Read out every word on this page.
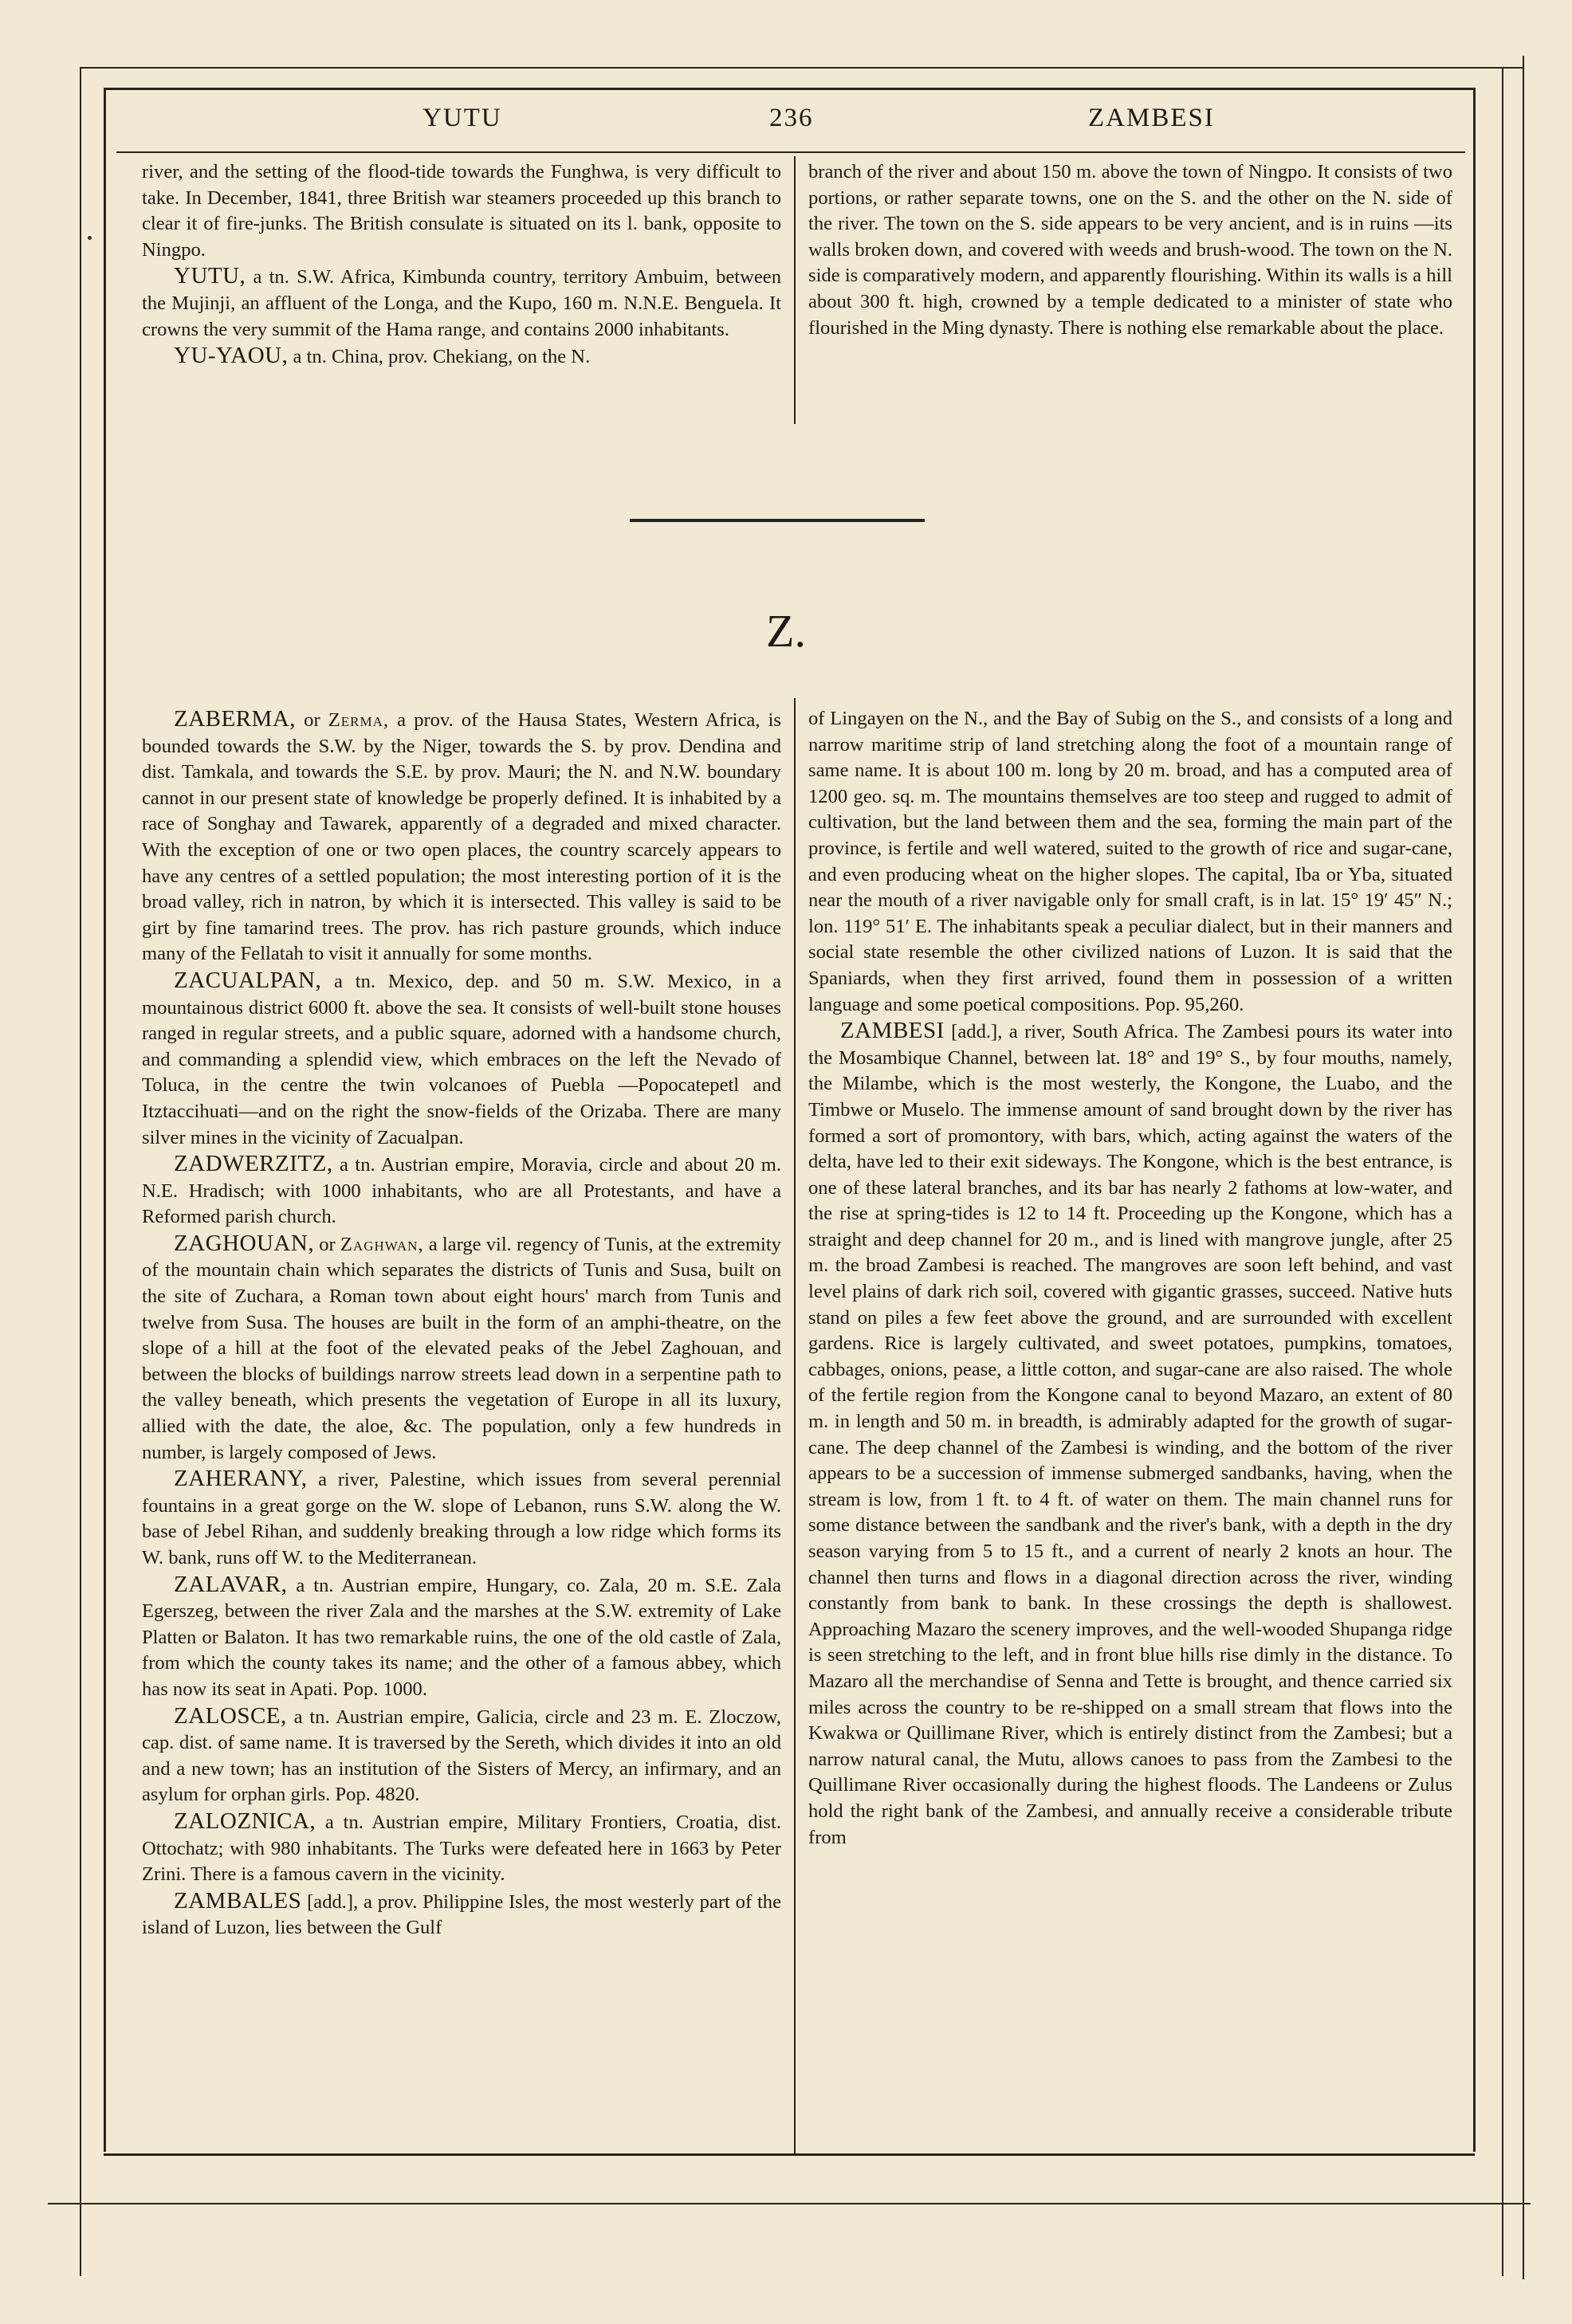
YUTU	236	ZAMBESI

river, and the setting of the flood-tide towards the Funghwa, is very difficult to take. In December, 1841, three British war steamers proceeded up this branch to clear it of fire-junks. The British consulate is situated on its l. bank, opposite to Ningpo.

YUTU, a tn. S.W. Africa, Kimbunda country, territory Ambuim, between the Mujinji, an affluent of the Longa, and the Kupo, 160 m. N.N.E. Benguela. It crowns the very summit of the Hama range, and contains 2000 inhabitants.

YU-YAOU, a tn. China, prov. Chekiang, on the N.

branch of the river and about 150 m. above the town of Ningpo. It consists of two portions, or rather separate towns, one on the S. and the other on the N. side of the river. The town on the S. side appears to be very ancient, and is in ruins —its walls broken down, and covered with weeds and brush-wood. The town on the N. side is comparatively modern, and apparently flourishing. Within its walls is a hill about 300 ft. high, crowned by a temple dedicated to a minister of state who flourished in the Ming dynasty. There is nothing else remarkable about the place.

Z.

ZABERMA, or Zerma, a prov. of the Hausa States, Western Africa, is bounded towards the S.W. by the Niger, towards the S. by prov. Dendina and dist. Tamkala, and towards the S.E. by prov. Mauri; the N. and N.W. boundary cannot in our present state of knowledge be properly defined. It is inhabited by a race of Songhay and Tawarek, apparently of a degraded and mixed character. With the exception of one or two open places, the country scarcely appears to have any centres of a settled population; the most interesting portion of it is the broad valley, rich in natron, by which it is intersected. This valley is said to be girt by fine tamarind trees. The prov. has rich pasture grounds, which induce many of the Fellatah to visit it annually for some months.

ZACUALPAN, a tn. Mexico, dep. and 50 m. S.W. Mexico, in a mountainous district 6000 ft. above the sea. It consists of well-built stone houses ranged in regular streets, and a public square, adorned with a handsome church, and commanding a splendid view, which embraces on the left the Nevado of Toluca, in the centre the twin volcanoes of Puebla —Popocatepetl and Itztaccihuati—and on the right the snow-fields of the Orizaba. There are many silver mines in the vicinity of Zacualpan.

ZADWERZITZ, a tn. Austrian empire, Moravia, circle and about 20 m. N.E. Hradisch; with 1000 inhabitants, who are all Protestants, and have a Reformed parish church.

ZAGHOUAN, or Zaghwan, a large vil. regency of Tunis, at the extremity of the mountain chain which separates the districts of Tunis and Susa, built on the site of Zuchara, a Roman town about eight hours' march from Tunis and twelve from Susa. The houses are built in the form of an amphi-theatre, on the slope of a hill at the foot of the elevated peaks of the Jebel Zaghouan, and between the blocks of buildings narrow streets lead down in a serpentine path to the valley beneath, which presents the vegetation of Europe in all its luxury, allied with the date, the aloe, &c. The population, only a few hundreds in number, is largely composed of Jews.

ZAHERANY, a river, Palestine, which issues from several perennial fountains in a great gorge on the W. slope of Lebanon, runs S.W. along the W. base of Jebel Rihan, and suddenly breaking through a low ridge which forms its W. bank, runs off W. to the Mediterranean.

ZALAVAR, a tn. Austrian empire, Hungary, co. Zala, 20 m. S.E. Zala Egerszeg, between the river Zala and the marshes at the S.W. extremity of Lake Platten or Balaton. It has two remarkable ruins, the one of the old castle of Zala, from which the county takes its name; and the other of a famous abbey, which has now its seat in Apati. Pop. 1000.

ZALOSCE, a tn. Austrian empire, Galicia, circle and 23 m. E. Zloczow, cap. dist. of same name. It is traversed by the Sereth, which divides it into an old and a new town; has an institution of the Sisters of Mercy, an infirmary, and an asylum for orphan girls. Pop. 4820.

ZALOZNICA, a tn. Austrian empire, Military Frontiers, Croatia, dist. Ottochatz; with 980 inhabitants. The Turks were defeated here in 1663 by Peter Zrini. There is a famous cavern in the vicinity.

ZAMBALES [add.], a prov. Philippine Isles, the most westerly part of the island of Luzon, lies between the Gulf

of Lingayen on the N., and the Bay of Subig on the S., and consists of a long and narrow maritime strip of land stretching along the foot of a mountain range of same name. It is about 100 m. long by 20 m. broad, and has a computed area of 1200 geo. sq. m. The mountains themselves are too steep and rugged to admit of cultivation, but the land between them and the sea, forming the main part of the province, is fertile and well watered, suited to the growth of rice and sugar-cane, and even producing wheat on the higher slopes. The capital, Iba or Yba, situated near the mouth of a river navigable only for small craft, is in lat. 15° 19′ 45″ N.; lon. 119° 51′ E. The inhabitants speak a peculiar dialect, but in their manners and social state resemble the other civilized nations of Luzon. It is said that the Spaniards, when they first arrived, found them in possession of a written language and some poetical compositions. Pop. 95,260.

ZAMBESI [add.], a river, South Africa. The Zambesi pours its water into the Mosambique Channel, between lat. 18° and 19° S., by four mouths, namely, the Milambe, which is the most westerly, the Kongone, the Luabo, and the Timbwe or Muselo. The immense amount of sand brought down by the river has formed a sort of promontory, with bars, which, acting against the waters of the delta, have led to their exit sideways. The Kongone, which is the best entrance, is one of these lateral branches, and its bar has nearly 2 fathoms at low-water, and the rise at spring-tides is 12 to 14 ft. Proceeding up the Kongone, which has a straight and deep channel for 20 m., and is lined with mangrove jungle, after 25 m. the broad Zambesi is reached. The mangroves are soon left behind, and vast level plains of dark rich soil, covered with gigantic grasses, succeed. Native huts stand on piles a few feet above the ground, and are surrounded with excellent gardens. Rice is largely cultivated, and sweet potatoes, pumpkins, tomatoes, cabbages, onions, pease, a little cotton, and sugar-cane are also raised. The whole of the fertile region from the Kongone canal to beyond Mazaro, an extent of 80 m. in length and 50 m. in breadth, is admirably adapted for the growth of sugar-cane. The deep channel of the Zambesi is winding, and the bottom of the river appears to be a succession of immense submerged sandbanks, having, when the stream is low, from 1 ft. to 4 ft. of water on them. The main channel runs for some distance between the sandbank and the river's bank, with a depth in the dry season varying from 5 to 15 ft., and a current of nearly 2 knots an hour. The channel then turns and flows in a diagonal direction across the river, winding constantly from bank to bank. In these crossings the depth is shallowest. Approaching Mazaro the scenery improves, and the well-wooded Shupanga ridge is seen stretching to the left, and in front blue hills rise dimly in the distance. To Mazaro all the merchandise of Senna and Tette is brought, and thence carried six miles across the country to be re-shipped on a small stream that flows into the Kwakwa or Quillimane River, which is entirely distinct from the Zambesi; but a narrow natural canal, the Mutu, allows canoes to pass from the Zambesi to the Quillimane River occasionally during the highest floods. The Landeens or Zulus hold the right bank of the Zambesi, and annually receive a considerable tribute from
